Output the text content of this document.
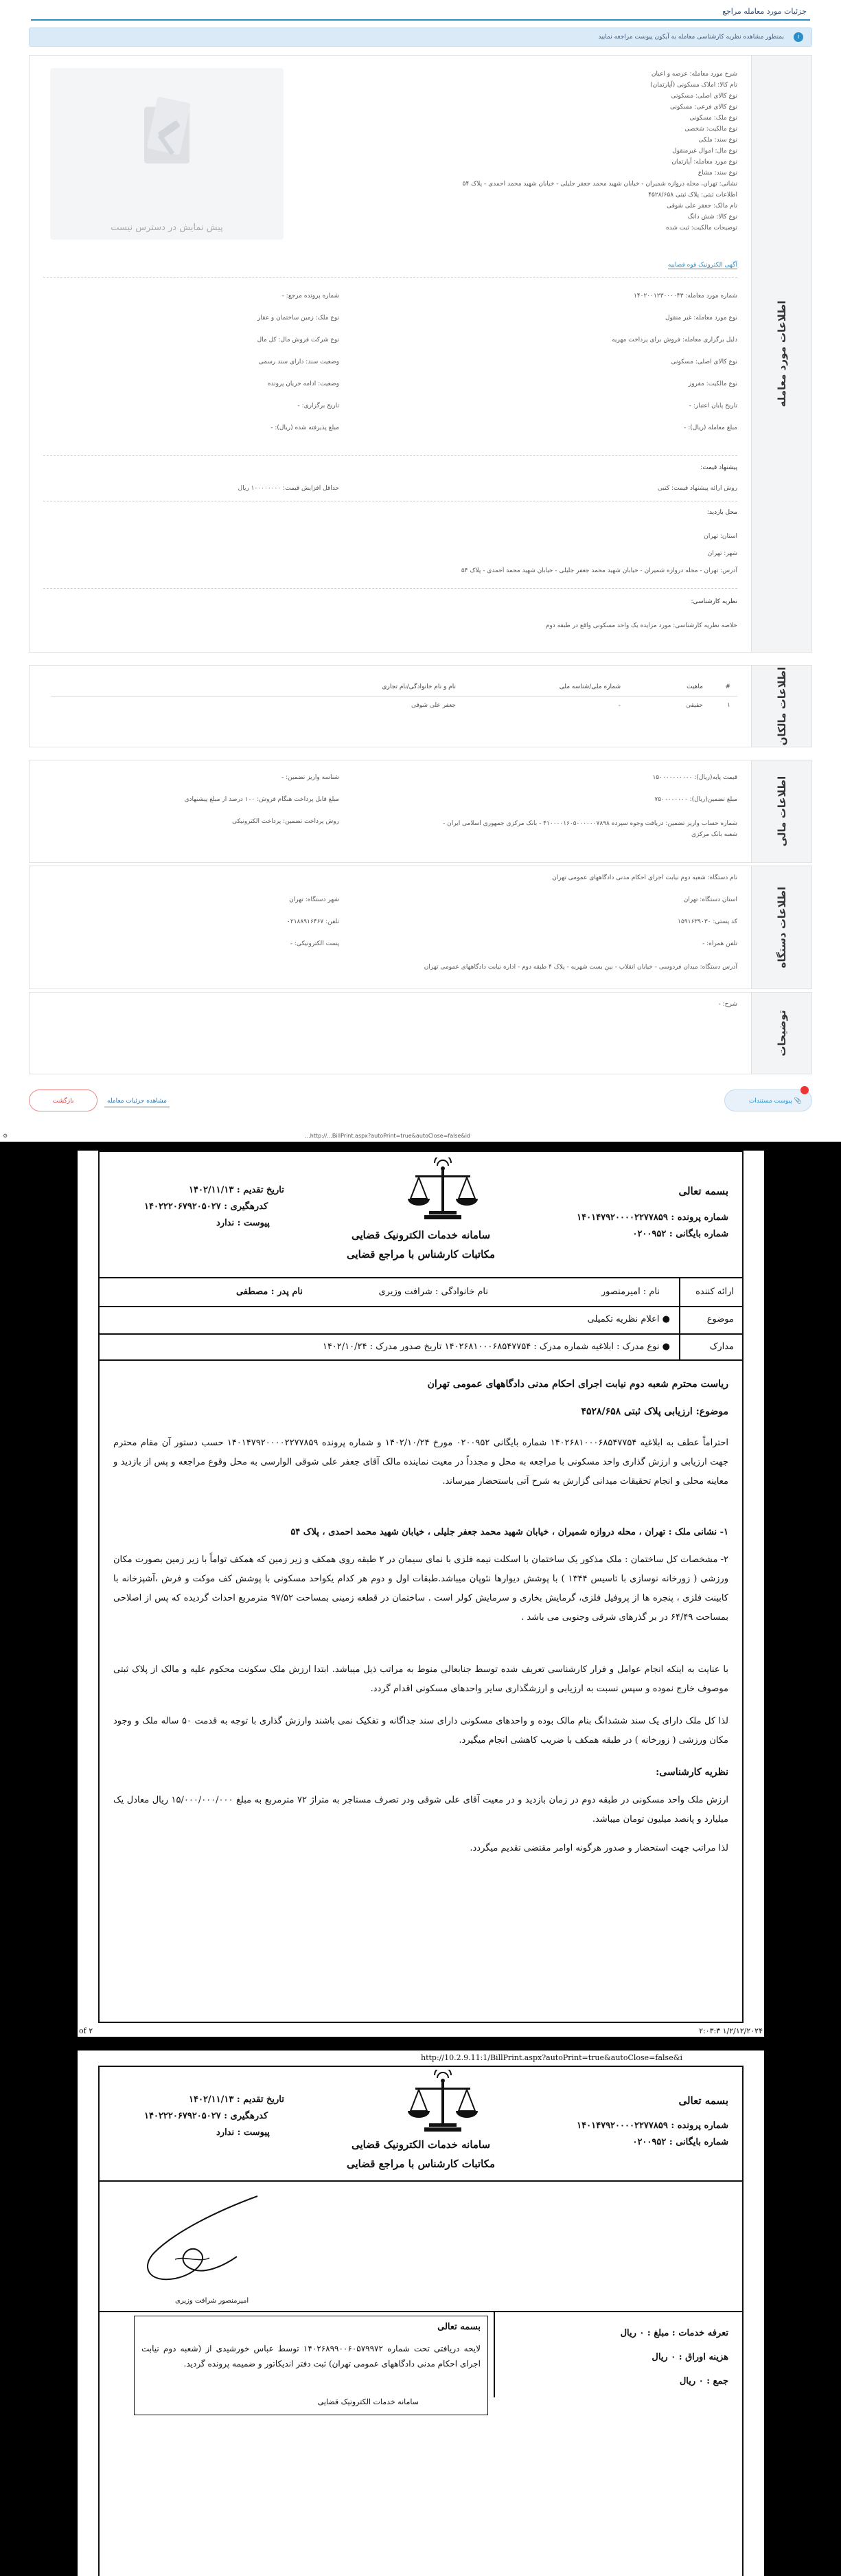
جزئیات مورد معامله مراجع
i
بمنظور مشاهده نظریه کارشناسی معامله به آیکون پیوست مراجعه نمایید
اطلاعات مورد معامله
شرح مورد معامله: عرصه و اعیان
نام کالا: املاک مسکونی (آپارتمان)
نوع کالای اصلی: مسکونی
نوع کالای فرعی: مسکونی
نوع ملک: مسکونی
نوع مالکیت: شخصی
نوع سند: ملکی
نوع مال: اموال غیرمنقول
نوع مورد معامله: آپارتمان
نوع سند: مشاع
نشانی: تهران، محله دروازه شمیران - خیابان شهید محمد جعفر جلیلی - خیابان شهید محمد احمدی - پلاک ۵۴
اطلاعات ثبتی: پلاک ثبتی ۴۵۲۸/۶۵۸
نام مالک: جعفر علی شوقی
نوع کالا: شش دانگ
توضیحات مالکیت: ثبت شده
پیش نمایش در دسترس نیست
آگهی الکترونیک قوه قضاییه
شماره مورد معامله: ۱۴۰۲۰۰۱۲۳۰۰۰۰۴۳
نوع مورد معامله: غیر منقول
دلیل برگزاری معامله: فروش برای پرداخت مهریه
نوع کالای اصلی: مسکونی
نوع مالکیت: مفروز
تاریخ پایان اعتبار: -
مبلغ معامله (ریال): -
شماره پرونده مرجع: -
نوع ملک: زمین ساختمان و عقار
نوع شرکت فروش مال: کل مال
وضعیت سند: دارای سند رسمی
وضعیت: ادامه جریان پرونده
تاریخ برگزاری: -
مبلغ پذیرفته شده (ریال): -
پیشنهاد قیمت:
روش ارائه پیشنهاد قیمت: کتبی
حداقل افزایش قیمت: ۱۰۰۰۰۰۰۰۰ ریال
محل بازدید:
استان: تهران
شهر: تهران
آدرس: تهران - محله دروازه شمیران - خیابان شهید محمد جعفر جلیلی - خیابان شهید محمد احمدی - پلاک ۵۴
نظریه کارشناسی:
خلاصه نظریه کارشناسی: مورد مزایده یک واحد مسکونی واقع در طبقه دوم
اطلاعات مالکان
#	ماهیت	شماره ملی/شناسه ملی	نام و نام خانوادگی/نام تجاری
۱	حقیقی	-	جعفر علی شوقی
اطلاعات مالی
قیمت پایه(ریال): ۱۵۰۰۰۰۰۰۰۰۰۰
مبلغ تضمین(ریال): ۷۵۰۰۰۰۰۰۰۰
شماره حساب واریز تضمین: دریافت وجوه سپرده ۴۱۰۰۰۰۱۶۰۵۰۰۰۰۰۰۷۸۹۸ - بانک مرکزی جمهوری اسلامی ایران - شعبه بانک مرکزی
شناسه واریز تضمین: -
مبلغ قابل پرداخت هنگام فروش: ۱۰۰ درصد از مبلغ پیشنهادی
روش پرداخت تضمین: پرداخت الکترونیکی
اطلاعات دستگاه
نام دستگاه: شعبه دوم نیابت اجرای احکام مدنی دادگاههای عمومی تهران
استان دستگاه: تهران
کد پستی: ۱۵۹۱۶۳۹۰۳۰
تلفن همراه: -
شهر دستگاه: تهران
تلفن: ۰۲۱۸۸۹۱۶۴۶۷
پست الکترونیکی: -
آدرس دستگاه: میدان فردوسی - خیابان انقلاب - بین بست شهریه - پلاک ۴ طبقه دوم - اداره نیابت دادگاههای عمومی تهران
توضیحات
شرح: -
📎 پیوست مستندات
بازگشت	مشاهده جزئیات معامله
http://...BillPrint.aspx?autoPrint=true&autoClose=false&id...
⚙
بسمه تعالی
شماره پرونده : ۱۴۰۱۴۷۹۲۰۰۰۰۲۲۷۷۸۵۹
شماره بایگانی : ۰۲۰۰۹۵۲
سامانه خدمات الکترونیک قضایی
مکاتبات کارشناس با مراجع قضایی
تاریخ تقدیم : ۱۴۰۲/۱۱/۱۳
کدرهگیری : ۱۴۰۲۲۲۰۶۷۹۲۰۵۰۲۷
پیوست : ندارد
ارائه کننده
نام : امیرمنصور
نام خانوادگی : شرافت وزیری
نام پدر : مصطفی
موضوع
● اعلام نظریه تکمیلی
مدارک
● نوع مدرک : ابلاغیه شماره مدرک : ۱۴۰۲۶۸۱۰۰۰۶۸۵۴۷۷۵۴ تاریخ صدور مدرک : ۱۴۰۲/۱۰/۲۴
ریاست محترم شعبه دوم نیابت اجرای احکام مدنی دادگاههای عمومی تهران
موضوع: ارزیابی پلاک ثبتی ۴۵۲۸/۶۵۸
احتراماً عطف به ابلاغیه ۱۴۰۲۶۸۱۰۰۰۶۸۵۴۷۷۵۴ شماره بایگانی ۰۲۰۰۹۵۲ مورخ ۱۴۰۲/۱۰/۲۴ و شماره پرونده ۱۴۰۱۴۷۹۲۰۰۰۰۲۲۷۷۸۵۹ حسب دستور آن مقام محترم جهت ارزیابی و ارزش گذاری واحد مسکونی با مراجعه به محل و مجدداً در معیت نماینده مالک آقای جعفر علی شوقی الوارسی به محل وقوع مراجعه و پس از بازدید و معاینه محلی و انجام تحقیقات میدانی گزارش به شرح آتی باستحضار میرساند.
۱- نشانی ملک : تهران ، محله دروازه شمیران ، خیابان شهید محمد جعفر جلیلی ، خیابان شهید محمد احمدی ، پلاک ۵۴
۲- مشخصات کل ساختمان : ملک مذکور یک ساختمان با اسکلت نیمه فلزی با نمای سیمان در ۲ طبقه روی همکف و زیر زمین که همکف تواماً با زیر زمین بصورت مکان ورزشی ( زورخانه نوسازی با تاسیس ۱۳۴۴ ) با پوشش دیوارها نئوپان میباشد.طبقات اول و دوم هر کدام یکواحد مسکونی با پوشش کف موکت و فرش ،آشپزخانه با کابینت فلزی ، پنجره ها از پروفیل فلزی، گرمایش بخاری و سرمایش کولر است . ساختمان در قطعه زمینی بمساحت ۹۷/۵۲ مترمربع احداث گردیده که پس از اصلاحی بمساحت ۶۴/۴۹ در بر گذرهای شرقی وجنوبی می باشد .
با عنایت به اینکه انجام عوامل و فرار کارشناسی تعریف شده توسط جنابعالی منوط به مراتب ذیل میباشد. ابتدا ارزش ملک سکونت محکوم علیه و مالک از پلاک ثبتی موصوف خارج نموده و سپس نسبت به ارزیابی و ارزشگذاری سایر واحدهای مسکونی اقدام گردد.
لذا کل ملک دارای یک سند ششدانگ بنام مالک بوده و واحدهای مسکونی دارای سند جداگانه و تفکیک نمی باشند وارزش گذاری با توجه به قدمت ۵۰ ساله ملک و وجود مکان ورزشی ( زورخانه ) در طبقه همکف با ضریب کاهشی انجام میگیرد.
نظریه کارشناسی:
ارزش ملک واحد مسکونی در طبقه دوم در زمان بازدید و در معیت آقای علی شوقی ودر تصرف مستاجر به متراژ ۷۲ مترمربع به مبلغ ۱۵/۰۰۰/۰۰۰/۰۰۰ ریال معادل یک میلیارد و پانصد میلیون تومان میباشد.
لذا مراتب جهت استحضار و صدور هرگونه اوامر مقتضی تقدیم میگردد.
of ۲	۱/۲/۱۲/۲۰۲۴ ۲:۰۳:۳
http://10.2.9.11:1/BillPrint.aspx?autoPrint=true&autoClose=false&i
بسمه تعالی
شماره پرونده : ۱۴۰۱۴۷۹۲۰۰۰۰۲۲۷۷۸۵۹
شماره بایگانی : ۰۲۰۰۹۵۲
سامانه خدمات الکترونیک قضایی
مکاتبات کارشناس با مراجع قضایی
تاریخ تقدیم : ۱۴۰۲/۱۱/۱۳
کدرهگیری : ۱۴۰۲۲۲۰۶۷۹۲۰۵۰۲۷
پیوست : ندارد
امیرمنصور شرافت وزیری
تعرفه خدمات : مبلغ : ۰ ریال
هزینه اوراق : ۰ ریال
جمع : ۰ ریال
بسمه تعالی
لایحه دریافتی تحت شماره ۱۴۰۲۶۸۹۹۰۰۶۰۵۷۹۹۷۲ توسط عباس خورشیدی از (شعبه دوم نیابت اجرای احکام مدنی دادگاههای عمومی تهران) ثبت دفتر اندیکاتور و ضمیمه پرونده گردید.
سامانه خدمات الکترونیک قضایی
